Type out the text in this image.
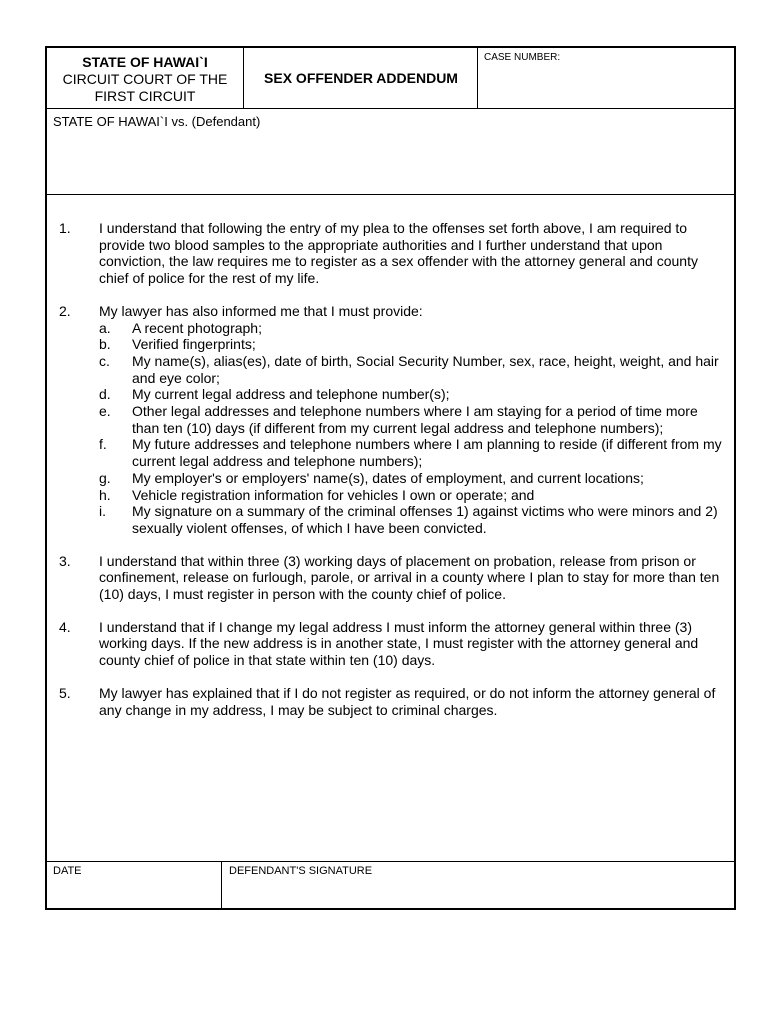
STATE OF HAWAI`I
CIRCUIT COURT OF THE
FIRST CIRCUIT
SEX OFFENDER ADDENDUM
CASE NUMBER:
STATE OF HAWAI`I vs. (Defendant)
1. I understand that following the entry of my plea to the offenses set forth above, I am required to provide two blood samples to the appropriate authorities and I further understand that upon conviction, the law requires me to register as a sex offender with the attorney general and county chief of police for the rest of my life.
2. My lawyer has also informed me that I must provide:
a. A recent photograph;
b. Verified fingerprints;
c. My name(s), alias(es), date of birth, Social Security Number, sex, race, height, weight, and hair and eye color;
d. My current legal address and telephone number(s);
e. Other legal addresses and telephone numbers where I am staying for a period of time more than ten (10) days (if different from my current legal address and telephone numbers);
f. My future addresses and telephone numbers where I am planning to reside (if different from my current legal address and telephone numbers);
g. My employer's or employers' name(s), dates of employment, and current locations;
h. Vehicle registration information for vehicles I own or operate; and
i. My signature on a summary of the criminal offenses 1) against victims who were minors and 2) sexually violent offenses, of which I have been convicted.
3. I understand that within three (3) working days of placement on probation, release from prison or confinement, release on furlough, parole, or arrival in a county where I plan to stay for more than ten (10) days, I must register in person with the county chief of police.
4. I understand that if I change my legal address I must inform the attorney general within three (3) working days. If the new address is in another state, I must register with the attorney general and county chief of police in that state within ten (10) days.
5. My lawyer has explained that if I do not register as required, or do not inform the attorney general of any change in my address, I may be subject to criminal charges.
DATE	DEFENDANT'S SIGNATURE
